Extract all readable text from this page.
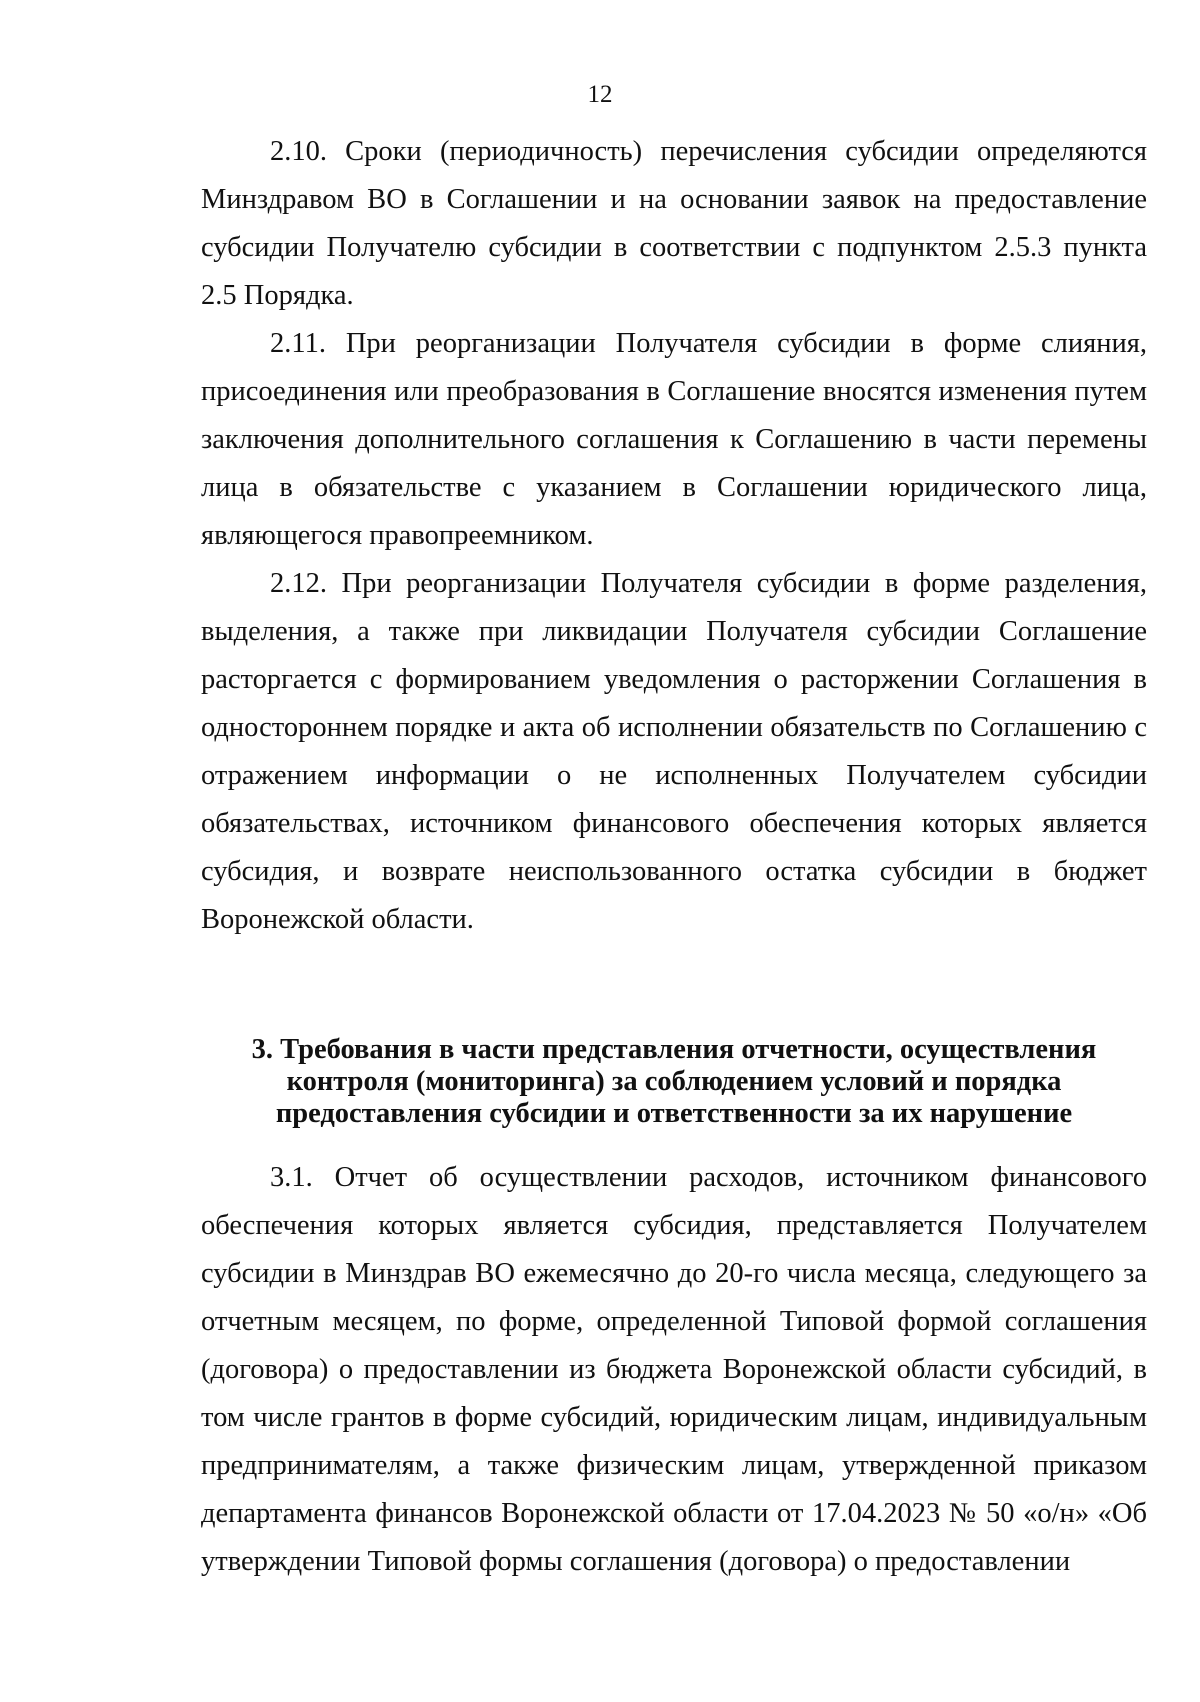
12

2.10. Сроки (периодичность) перечисления субсидии определяются Минздравом ВО в Соглашении и на основании заявок на предоставление субсидии Получателю субсидии в соответствии с подпунктом 2.5.3 пункта 2.5 Порядка.

2.11. При реорганизации Получателя субсидии в форме слияния, присоединения или преобразования в Соглашение вносятся изменения путем заключения дополнительного соглашения к Соглашению в части перемены лица в обязательстве с указанием в Соглашении юридического лица, являющегося правопреемником.

2.12. При реорганизации Получателя субсидии в форме разделения, выделения, а также при ликвидации Получателя субсидии Соглашение расторгается с формированием уведомления о расторжении Соглашения в одностороннем порядке и акта об исполнении обязательств по Соглашению с отражением информации о не исполненных Получателем субсидии обязательствах, источником финансового обеспечения которых является субсидия, и возврате неиспользованного остатка субсидии в бюджет Воронежской области.

3. Требования в части представления отчетности, осуществления контроля (мониторинга) за соблюдением условий и порядка предоставления субсидии и ответственности за их нарушение

3.1. Отчет об осуществлении расходов, источником финансового обеспечения которых является субсидия, представляется Получателем субсидии в Минздрав ВО ежемесячно до 20-го числа месяца, следующего за отчетным месяцем, по форме, определенной Типовой формой соглашения (договора) о предоставлении из бюджета Воронежской области субсидий, в том числе грантов в форме субсидий, юридическим лицам, индивидуальным предпринимателям, а также физическим лицам, утвержденной приказом департамента финансов Воронежской области от 17.04.2023 № 50 «о/н» «Об утверждении Типовой формы соглашения (договора) о предоставлении
